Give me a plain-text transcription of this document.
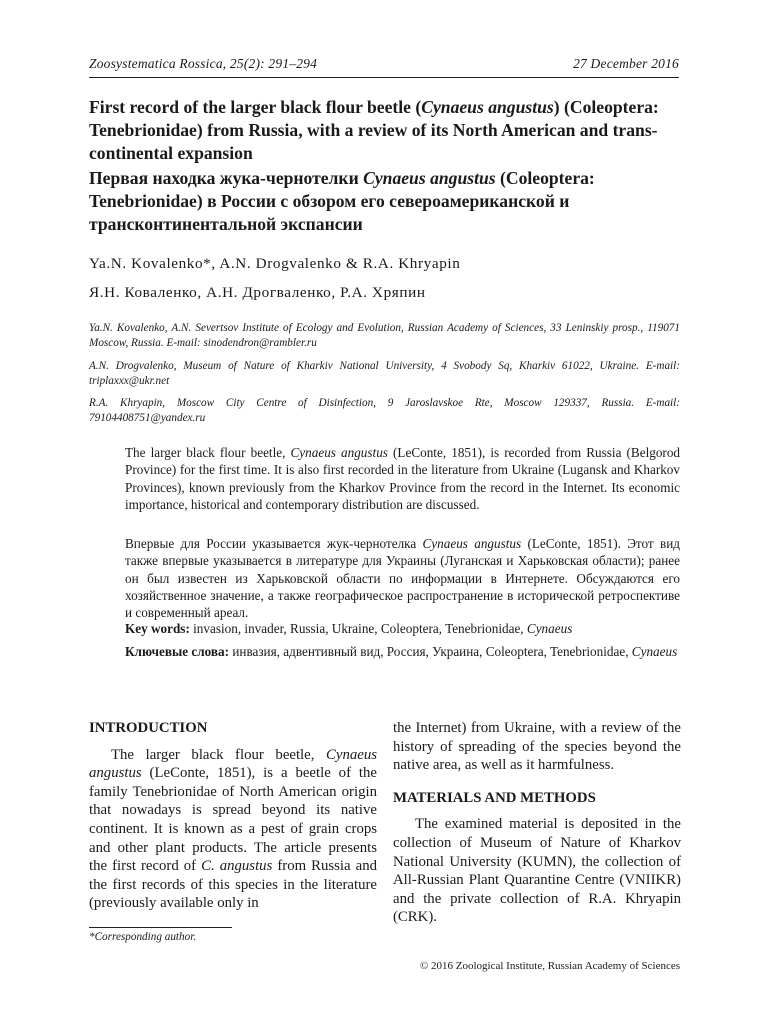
Zoosystematica Rossica, 25(2): 291–294	27 December 2016
First record of the larger black flour beetle (Cynaeus angustus) (Coleoptera: Tenebrionidae) from Russia, with a review of its North American and trans-continental expansion
Первая находка жука-чернотелки Cynaeus angustus (Coleoptera: Tenebrionidae) в России с обзором его североамериканской и трансконтинентальной экспансии
Ya.N. Kovalenko*, A.N. Drogvalenko & R.A. Khryapin
Я.Н. Коваленко, А.Н. Дрогваленко, Р.А. Хряпин
Ya.N. Kovalenko, A.N. Severtsov Institute of Ecology and Evolution, Russian Academy of Sciences, 33 Leninskiy prosp., 119071 Moscow, Russia. E-mail: sinodendron@rambler.ru
A.N. Drogvalenko, Museum of Nature of Kharkiv National University, 4 Svobody Sq, Kharkiv 61022, Ukraine. E-mail: triplaxxx@ukr.net
R.A. Khryapin, Moscow City Centre of Disinfection, 9 Jaroslavskoe Rte, Moscow 129337, Russia. E-mail: 79104408751@yandex.ru
The larger black flour beetle, Cynaeus angustus (LeConte, 1851), is recorded from Russia (Belgorod Province) for the first time. It is also first recorded in the literature from Ukraine (Lugansk and Kharkov Provinces), known previously from the Kharkov Province from the record in the Internet. Its economic importance, historical and contemporary distribution are discussed.
Впервые для России указывается жук-чернотелка Cynaeus angustus (LeConte, 1851). Этот вид также впервые указывается в литературе для Украины (Луганская и Харьковская области); ранее он был известен из Харьковской области по информации в Интернете. Обсуждаются его хозяйственное значение, а также географическое распространение в исторической ретроспективе и современный ареал.
Key words: invasion, invader, Russia, Ukraine, Coleoptera, Tenebrionidae, Cynaeus
Ключевые слова: инвазия, адвентивный вид, Россия, Украина, Coleoptera, Tenebrionidae, Cynaeus
INTRODUCTION

The larger black flour beetle, Cynaeus angustus (LeConte, 1851), is a beetle of the family Tenebrionidae of North American origin that nowadays is spread beyond its native continent. It is known as a pest of grain crops and other plant products. The article presents the first record of C. angustus from Russia and the first records of this species in the literature (previously available only in

the Internet) from Ukraine, with a review of the history of spreading of the species beyond the native area, as well as it harmfulness.

MATERIALS AND METHODS

The examined material is deposited in the collection of Museum of Nature of Kharkov National University (KUMN), the collection of All-Russian Plant Quarantine Centre (VNIIKR) and the private collection of R.A. Khryapin (CRK).

*Corresponding author.
© 2016 Zoological Institute, Russian Academy of Sciences
